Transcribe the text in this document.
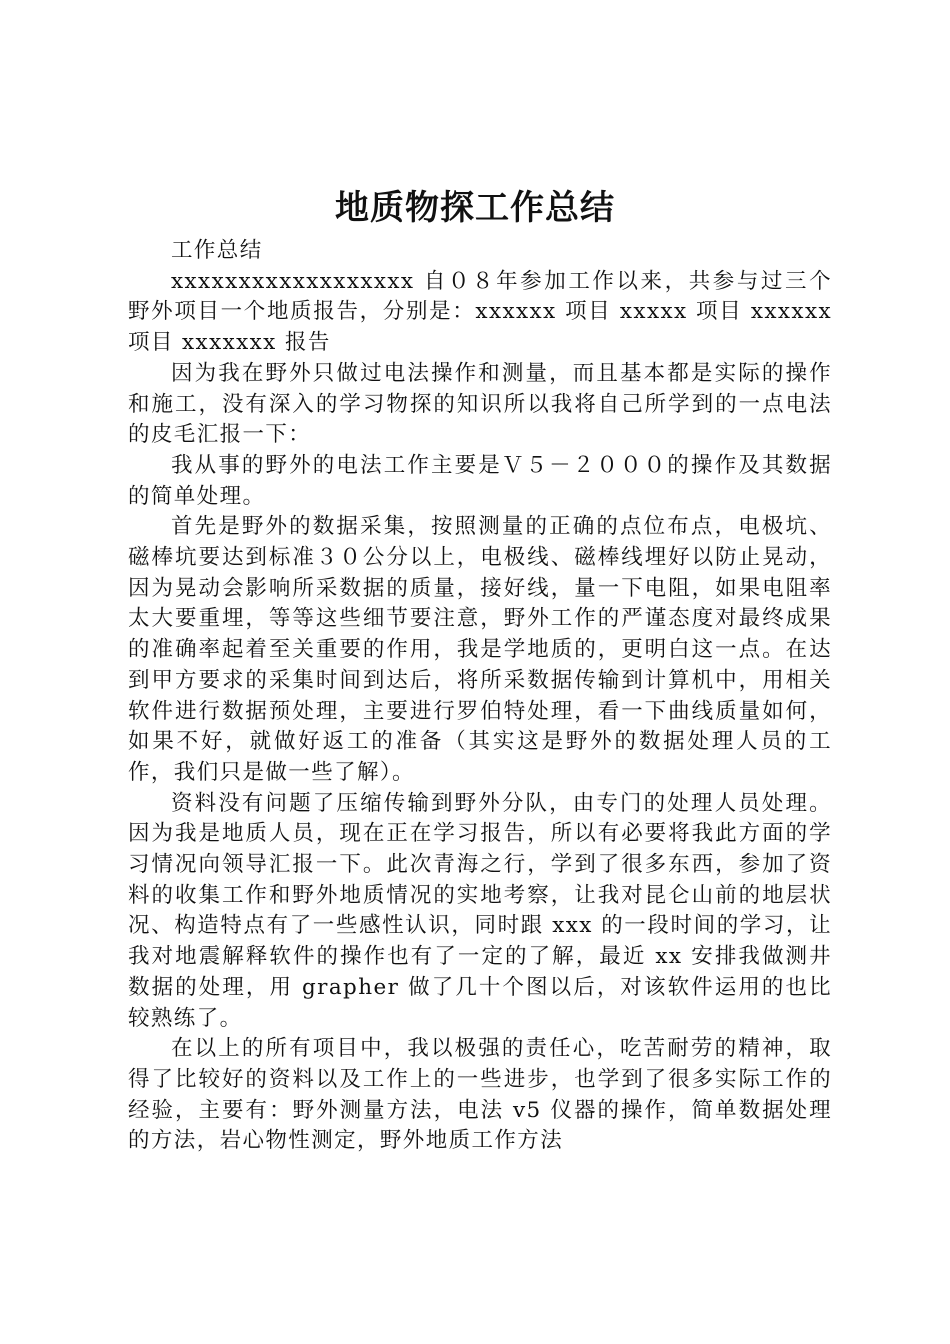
地质物探工作总结

工作总结

xxxxxxxxxxxxxxxxxx 自０８年参加工作以来，共参与过三个野外项目一个地质报告，分别是：xxxxxx 项目 xxxxx 项目 xxxxxx 项目 xxxxxxx 报告

因为我在野外只做过电法操作和测量，而且基本都是实际的操作和施工，没有深入的学习物探的知识所以我将自己所学到的一点电法的皮毛汇报一下：

我从事的野外的电法工作主要是Ｖ５－２０００的操作及其数据的简单处理。

首先是野外的数据采集，按照测量的正确的点位布点，电极坑、磁棒坑要达到标准３０公分以上，电极线、磁棒线埋好以防止晃动，因为晃动会影响所采数据的质量，接好线，量一下电阻，如果电阻率太大要重埋，等等这些细节要注意，野外工作的严谨态度对最终成果的准确率起着至关重要的作用，我是学地质的，更明白这一点。在达到甲方要求的采集时间到达后，将所采数据传输到计算机中，用相关软件进行数据预处理，主要进行罗伯特处理，看一下曲线质量如何，如果不好，就做好返工的准备（其实这是野外的数据处理人员的工作，我们只是做一些了解）。

资料没有问题了压缩传输到野外分队，由专门的处理人员处理。因为我是地质人员，现在正在学习报告，所以有必要将我此方面的学习情况向领导汇报一下。此次青海之行，学到了很多东西，参加了资料的收集工作和野外地质情况的实地考察，让我对昆仑山前的地层状况、构造特点有了一些感性认识，同时跟 xxx 的一段时间的学习，让我对地震解释软件的操作也有了一定的了解，最近 xx 安排我做测井数据的处理，用 grapher 做了几十个图以后，对该软件运用的也比较熟练了。

在以上的所有项目中，我以极强的责任心，吃苦耐劳的精神，取得了比较好的资料以及工作上的一些进步，也学到了很多实际工作的经验，主要有：野外测量方法，电法 v5 仪器的操作，简单数据处理的方法，岩心物性测定，野外地质工作方法
